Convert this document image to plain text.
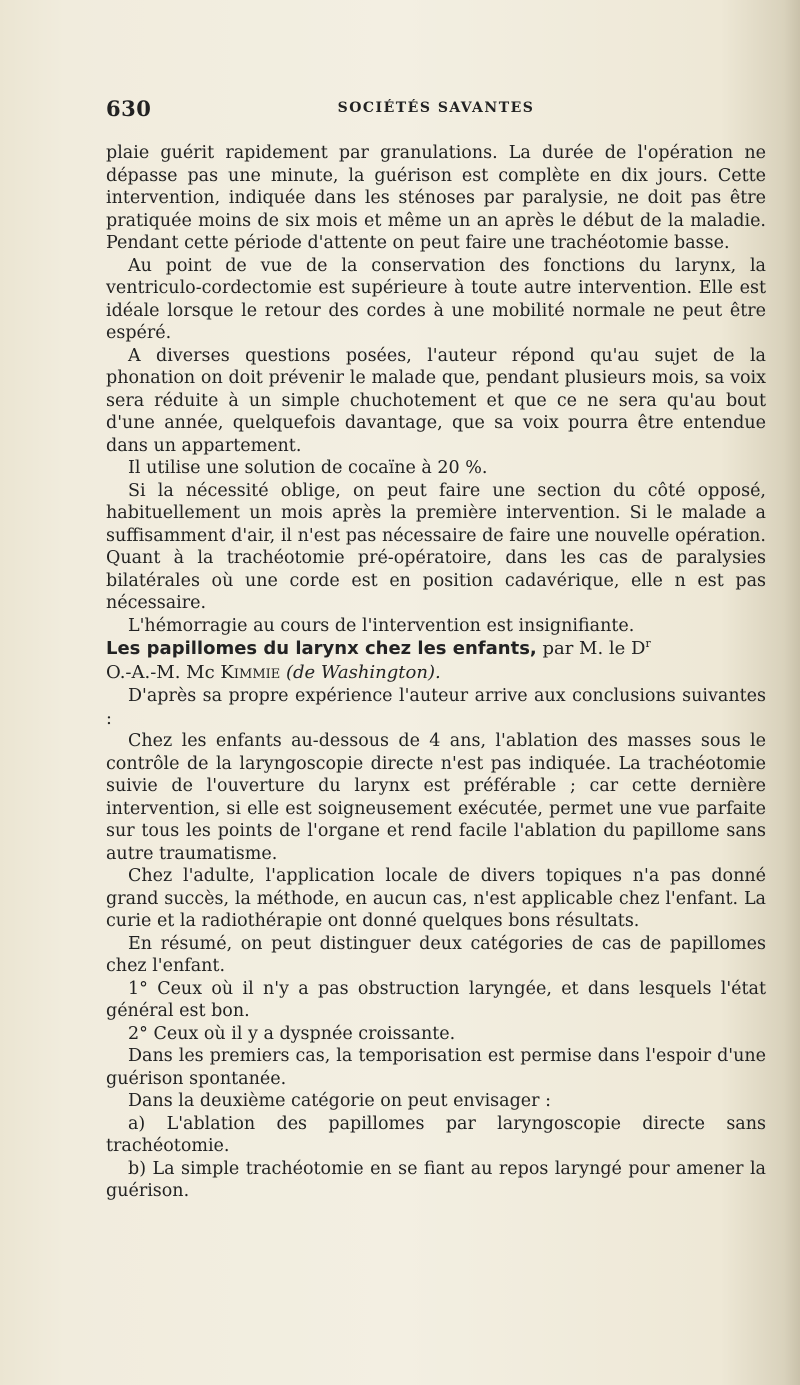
630	SOCIÉTÉS SAVANTES

plaie guérit rapidement par granulations. La durée de l'opération ne dépasse pas une minute, la guérison est complète en dix jours. Cette intervention, indiquée dans les sténoses par paralysie, ne doit pas être pratiquée moins de six mois et même un an après le début de la maladie. Pendant cette période d'attente on peut faire une trachéotomie basse.

Au point de vue de la conservation des fonctions du larynx, la ventriculo-cordectomie est supérieure à toute autre intervention. Elle est idéale lorsque le retour des cordes à une mobilité normale ne peut être espéré.

A diverses questions posées, l'auteur répond qu'au sujet de la phonation on doit prévenir le malade que, pendant plusieurs mois, sa voix sera réduite à un simple chuchotement et que ce ne sera qu'au bout d'une année, quelquefois davantage, que sa voix pourra être entendue dans un appartement.

Il utilise une solution de cocaïne à 20 %.

Si la nécessité oblige, on peut faire une section du côté opposé, habituellement un mois après la première intervention. Si le malade a suffisamment d'air, il n'est pas nécessaire de faire une nouvelle opération. Quant à la trachéotomie pré-opératoire, dans les cas de paralysies bilatérales où une corde est en position cadavérique, elle n est pas nécessaire.

L'hémorragie au cours de l'intervention est insignifiante.

Les papillomes du larynx chez les enfants, par M. le $D^r$
O.-A.-M. Mc Kimmie (de Washington).

D'après sa propre expérience l'auteur arrive aux conclusions suivantes :

Chez les enfants au-dessous de 4 ans, l'ablation des masses sous le contrôle de la laryngoscopie directe n'est pas indiquée. La trachéotomie suivie de l'ouverture du larynx est préférable ; car cette dernière intervention, si elle est soigneusement exécutée, permet une vue parfaite sur tous les points de l'organe et rend facile l'ablation du papillome sans autre traumatisme.

Chez l'adulte, l'application locale de divers topiques n'a pas donné grand succès, la méthode, en aucun cas, n'est applicable chez l'enfant. La curie et la radiothérapie ont donné quelques bons résultats.

En résumé, on peut distinguer deux catégories de cas de papillomes chez l'enfant.

1° Ceux où il n'y a pas obstruction laryngée, et dans lesquels l'état général est bon.

2° Ceux où il y a dyspnée croissante.

Dans les premiers cas, la temporisation est permise dans l'espoir d'une guérison spontanée.

Dans la deuxième catégorie on peut envisager :

a) L'ablation des papillomes par laryngoscopie directe sans trachéotomie.

b) La simple trachéotomie en se fiant au repos laryngé pour amener la guérison.
